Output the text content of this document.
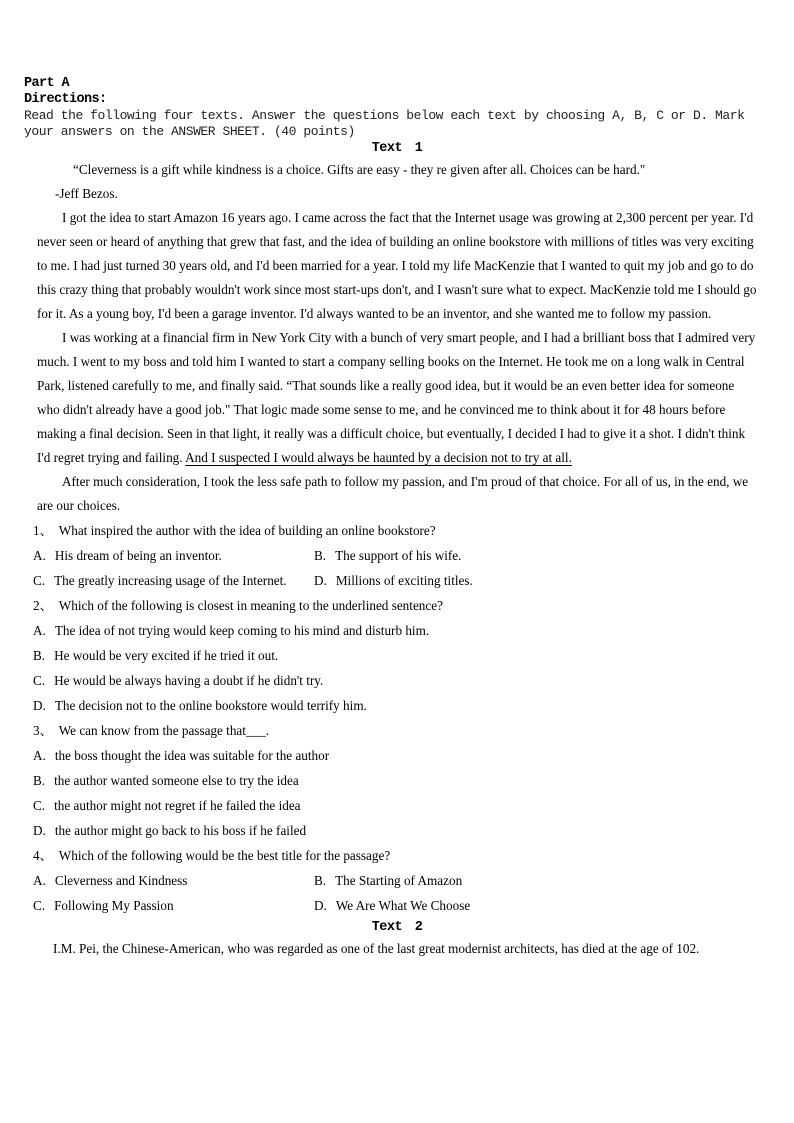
Part A
Directions:
Read the following four texts. Answer the questions below each text by choosing A, B, C or D. Mark
your answers on the ANSWER SHEET. (40 points)
Text 1

“Cleverness is a gift while kindness is a choice. Gifts are easy - they re given after all. Choices can be hard."

-Jeff Bezos.

I got the idea to start Amazon 16 years ago. I came across the fact that the Internet usage was growing at 2,300 percent per year. I'd never seen or heard of anything that grew that fast, and the idea of building an online bookstore with millions of titles was very exciting to me. I had just turned 30 years old, and I'd been married for a year. I told my life MacKenzie that I wanted to quit my job and go to do this crazy thing that probably wouldn't work since most start-ups don't, and I wasn't sure what to expect. MacKenzie told me I should go for it. As a young boy, I'd been a garage inventor. I'd always wanted to be an inventor, and she wanted me to follow my passion.

I was working at a financial firm in New York City with a bunch of very smart people, and I had a brilliant boss that I admired very much. I went to my boss and told him I wanted to start a company selling books on the Internet. He took me on a long walk in Central Park, listened carefully to me, and finally said. “That sounds like a really good idea, but it would be an even better idea for someone who didn't already have a good job." That logic made some sense to me, and he convinced me to think about it for 48 hours before making a final decision. Seen in that light, it really was a difficult choice, but eventually, I decided I had to give it a shot. I didn't think I'd regret trying and failing. And I suspected I would always be haunted by a decision not to try at all.

After much consideration, I took the less safe path to follow my passion, and I'm proud of that choice. For all of us, in the end, we are our choices.

1、 What inspired the author with the idea of building an online bookstore?
A. His dream of being an inventor.	B. The support of his wife.
C. The greatly increasing usage of the Internet.	D. Millions of exciting titles.
2、 Which of the following is closest in meaning to the underlined sentence?
A. The idea of not trying would keep coming to his mind and disturb him.
B. He would be very excited if he tried it out.
C. He would be always having a doubt if he didn't try.
D. The decision not to the online bookstore would terrify him.
3、 We can know from the passage that___.
A. the boss thought the idea was suitable for the author
B. the author wanted someone else to try the idea
C. the author might not regret if he failed the idea
D. the author might go back to his boss if he failed
4、 Which of the following would be the best title for the passage?
A. Cleverness and Kindness	B. The Starting of Amazon
C. Following My Passion	D. We Are What We Choose
Text 2

I.M. Pei, the Chinese-American, who was regarded as one of the last great modernist architects, has died at the age of 102.
